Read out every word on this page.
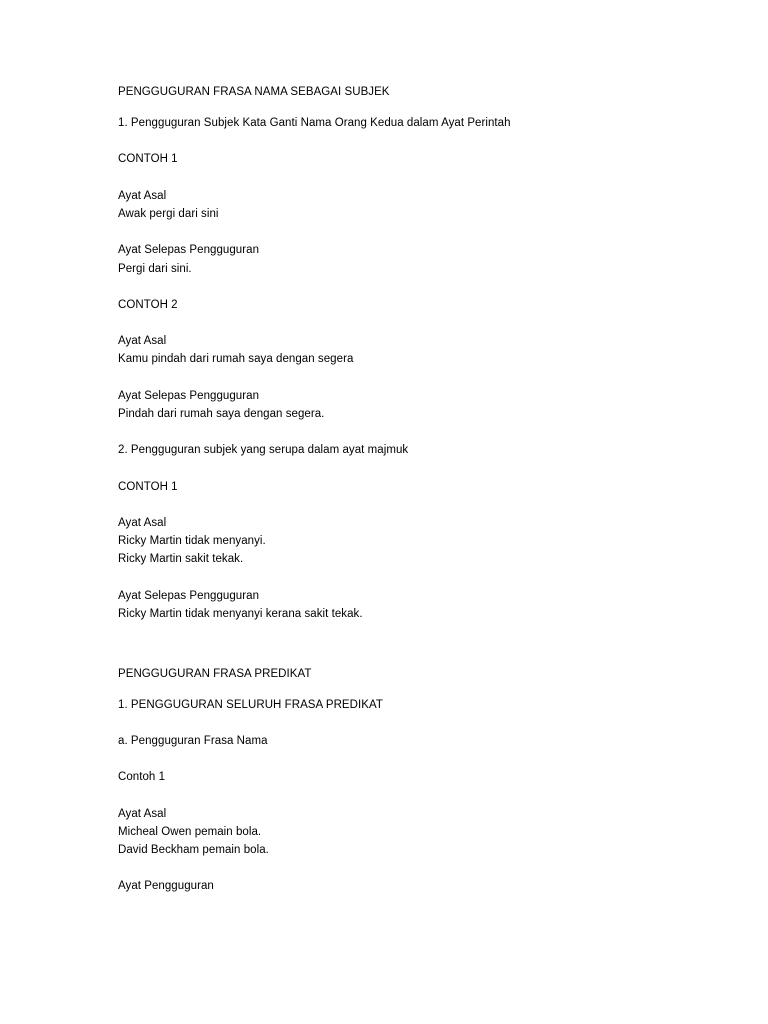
PENGGUGURAN FRASA NAMA SEBAGAI SUBJEK
1. Pengguguran Subjek Kata Ganti Nama Orang Kedua dalam Ayat Perintah
CONTOH 1
Ayat Asal
Awak pergi dari sini
Ayat Selepas Pengguguran
Pergi dari sini.
CONTOH 2
Ayat Asal
Kamu pindah dari rumah saya dengan segera
Ayat Selepas Pengguguran
Pindah dari rumah saya dengan segera.
2. Pengguguran subjek yang serupa dalam ayat majmuk
CONTOH 1
Ayat Asal
Ricky Martin tidak menyanyi.
Ricky Martin sakit tekak.
Ayat Selepas Pengguguran
Ricky Martin tidak menyanyi kerana sakit tekak.
PENGGUGURAN FRASA PREDIKAT
1. PENGGUGURAN SELURUH FRASA PREDIKAT
a. Pengguguran Frasa Nama
Contoh 1
Ayat Asal
Micheal Owen pemain bola.
David Beckham pemain bola.
Ayat Pengguguran
